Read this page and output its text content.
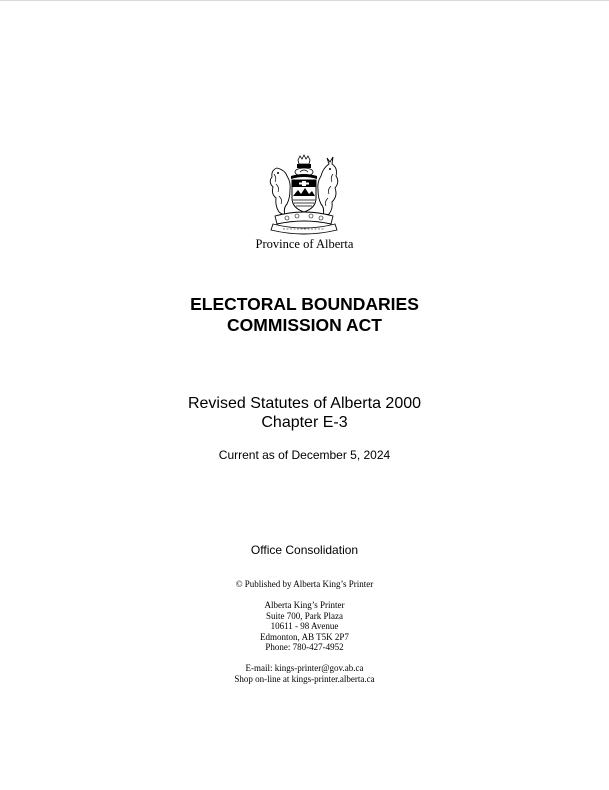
Province of Alberta
ELECTORAL BOUNDARIES
COMMISSION ACT
Revised Statutes of Alberta 2000
Chapter E-3
Current as of December 5, 2024
Office Consolidation
© Published by Alberta King’s Printer
Alberta King’s Printer
Suite 700, Park Plaza
10611 - 98 Avenue
Edmonton, AB T5K 2P7
Phone: 780-427-4952
E-mail: kings-printer@gov.ab.ca
Shop on-line at kings-printer.alberta.ca
